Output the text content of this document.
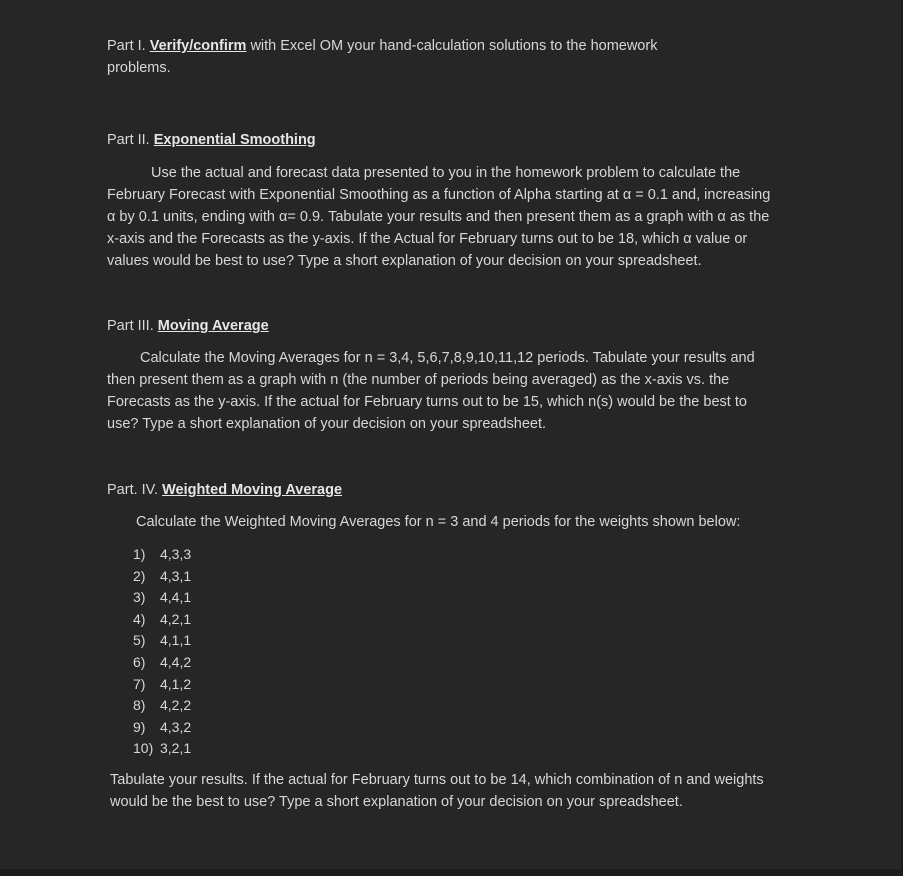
Part I. Verify/confirm with Excel OM your hand-calculation solutions to the homework

problems.

Part II. Exponential Smoothing

Use the actual and forecast data presented to you in the homework problem to calculate the

February Forecast with Exponential Smoothing as a function of Alpha starting at α = 0.1 and, increasing

α by 0.1 units, ending with α= 0.9. Tabulate your results and then present them as a graph with α as the

x-axis and the Forecasts as the y-axis. If the Actual for February turns out to be 18, which α value or

values would be best to use? Type a short explanation of your decision on your spreadsheet.

Part III. Moving Average

Calculate the Moving Averages for n = 3,4, 5,6,7,8,9,10,11,12 periods. Tabulate your results and

then present them as a graph with n (the number of periods being averaged) as the x-axis vs. the

Forecasts as the y-axis. If the actual for February turns out to be 15, which n(s) would be the best to

use? Type a short explanation of your decision on your spreadsheet.

Part. IV. Weighted Moving Average
Calculate the Weighted Moving Averages for n = 3 and 4 periods for the weights shown below:
1) 4,3,3
2) 4,3,1
3) 4,4,1
4) 4,2,1
5) 4,1,1
6) 4,4,2
7) 4,1,2
8) 4,2,2
9) 4,3,2
10) 3,2,1

Tabulate your results. If the actual for February turns out to be 14, which combination of n and weights

would be the best to use? Type a short explanation of your decision on your spreadsheet.
